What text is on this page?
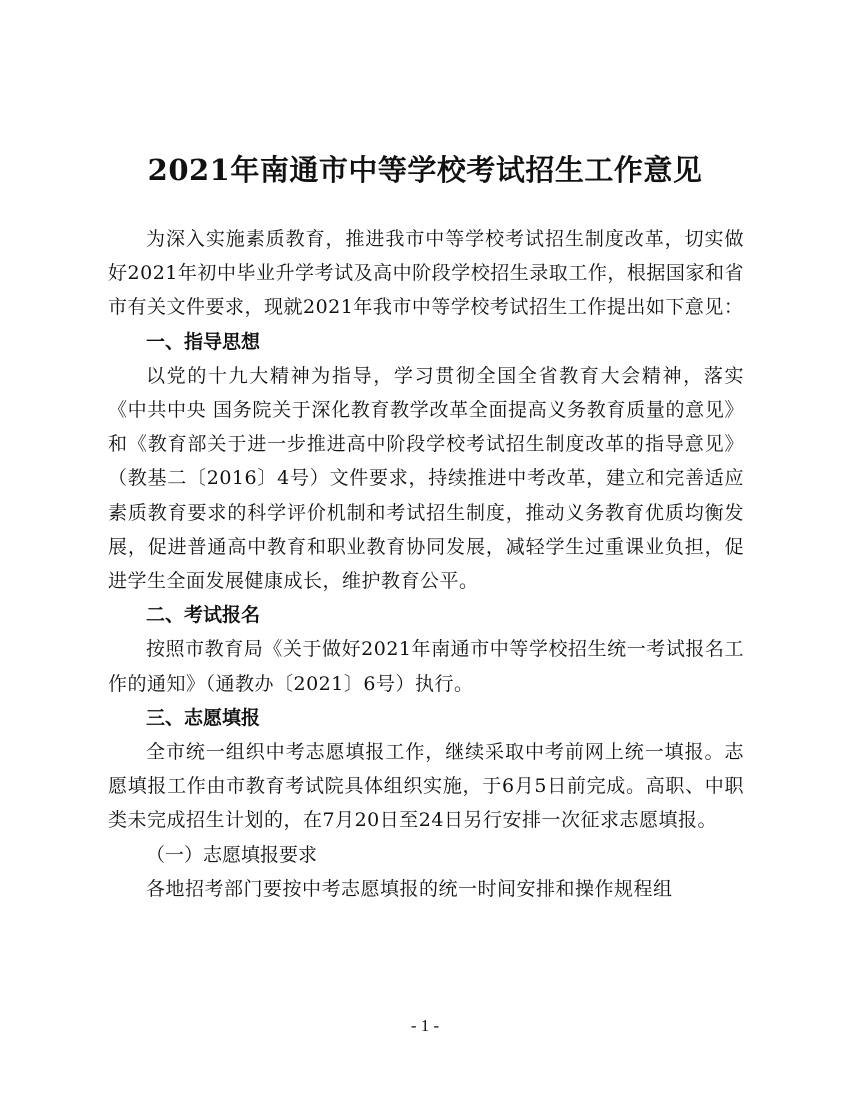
2021年南通市中等学校考试招生工作意见

为深入实施素质教育，推进我市中等学校考试招生制度改革，切实做好2021年初中毕业升学考试及高中阶段学校招生录取工作，根据国家和省市有关文件要求，现就2021年我市中等学校考试招生工作提出如下意见：

一、指导思想

以党的十九大精神为指导，学习贯彻全国全省教育大会精神，落实《中共中央 国务院关于深化教育教学改革全面提高义务教育质量的意见》和《教育部关于进一步推进高中阶段学校考试招生制度改革的指导意见》（教基二〔2016〕4号）文件要求，持续推进中考改革，建立和完善适应素质教育要求的科学评价机制和考试招生制度，推动义务教育优质均衡发展，促进普通高中教育和职业教育协同发展，减轻学生过重课业负担，促进学生全面发展健康成长，维护教育公平。

二、考试报名

按照市教育局《关于做好2021年南通市中等学校招生统一考试报名工作的通知》（通教办〔2021〕6号）执行。

三、志愿填报

全市统一组织中考志愿填报工作，继续采取中考前网上统一填报。志愿填报工作由市教育考试院具体组织实施，于6月5日前完成。高职、中职类未完成招生计划的，在7月20日至24日另行安排一次征求志愿填报。

（一）志愿填报要求

各地招考部门要按中考志愿填报的统一时间安排和操作规程组

- 1 -
